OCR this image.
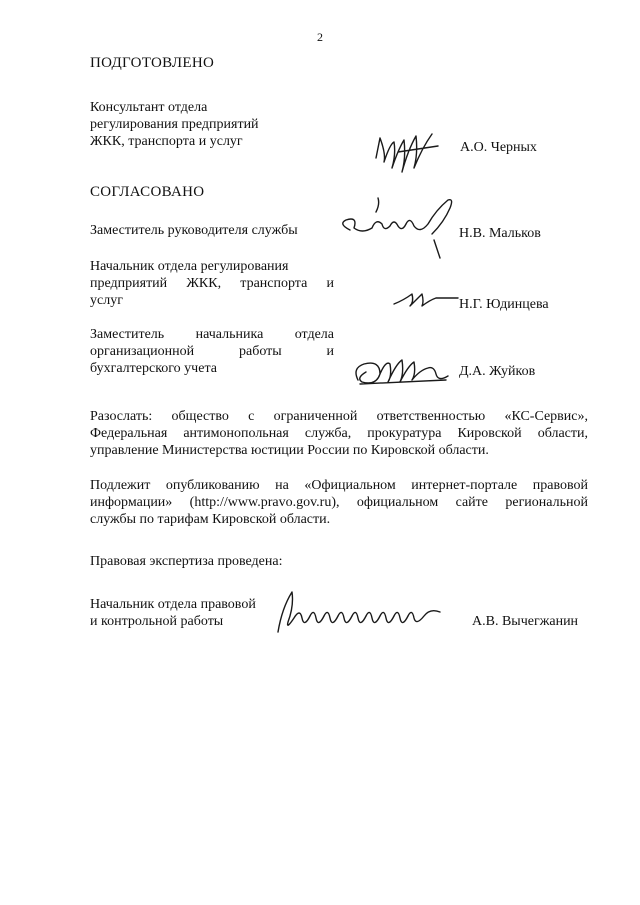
2
ПОДГОТОВЛЕНО
Консультант отдела
регулирования предприятий
ЖКК, транспорта и услуг	А.О. Черных
СОГЛАСОВАНО
Заместитель руководителя службы	Н.В. Мальков
Начальник отдела регулирования
предприятий ЖКК, транспорта и
услуг	Н.Г. Юдинцева
Заместитель начальника отдела
организационной работы и
бухгалтерского учета	Д.А. Жуйков
Разослать: общество с ограниченной ответственностью «КС-Сервис»,
Федеральная антимонопольная служба, прокуратура Кировской области,
управление Министерства юстиции России по Кировской области.
Подлежит опубликованию на «Официальном интернет-портале правовой
информации» (http://www.pravo.gov.ru), официальном сайте региональной
службы по тарифам Кировской области.
Правовая экспертиза проведена:
Начальник отдела правовой
и контрольной работы	А.В. Вычегжанин
